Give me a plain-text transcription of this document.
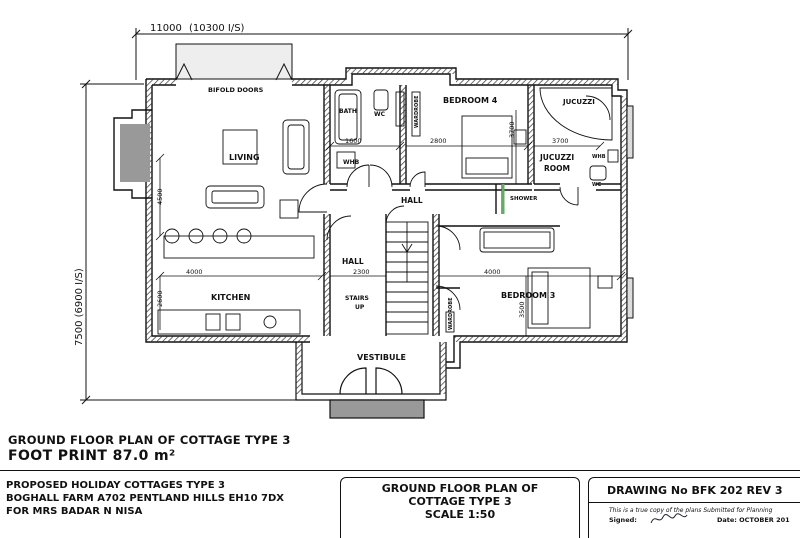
11000 (10300 I/S)
7500 (6900 I/S)
BIFOLD DOORS
LIVING
KITCHEN
BATH	WC
WHB
WARDROBE	BEDROOM 4	JUCUZZI
JUCUZZI
ROOM
WHB
WC
SHOWER
HALL
HALL
STAIRS
UP	WARDROBE
BEDROOM 3
VESTIBULE
4500
4000
2600
1600	2800
3700
3700
2300	4000
3500
GROUND FLOOR PLAN OF COTTAGE TYPE 3
FOOT PRINT 87.0 m²
PROPOSED HOLIDAY COTTAGES TYPE 3
BOGHALL FARM A702 PENTLAND HILLS EH10 7DX
FOR MRS BADAR N NISA
GROUND FLOOR PLAN OF
COTTAGE TYPE 3
SCALE 1:50
DRAWING No BFK 202 REV 3
This is a true copy of the plans Submitted for Planning
Signed:	Date: OCTOBER 201
